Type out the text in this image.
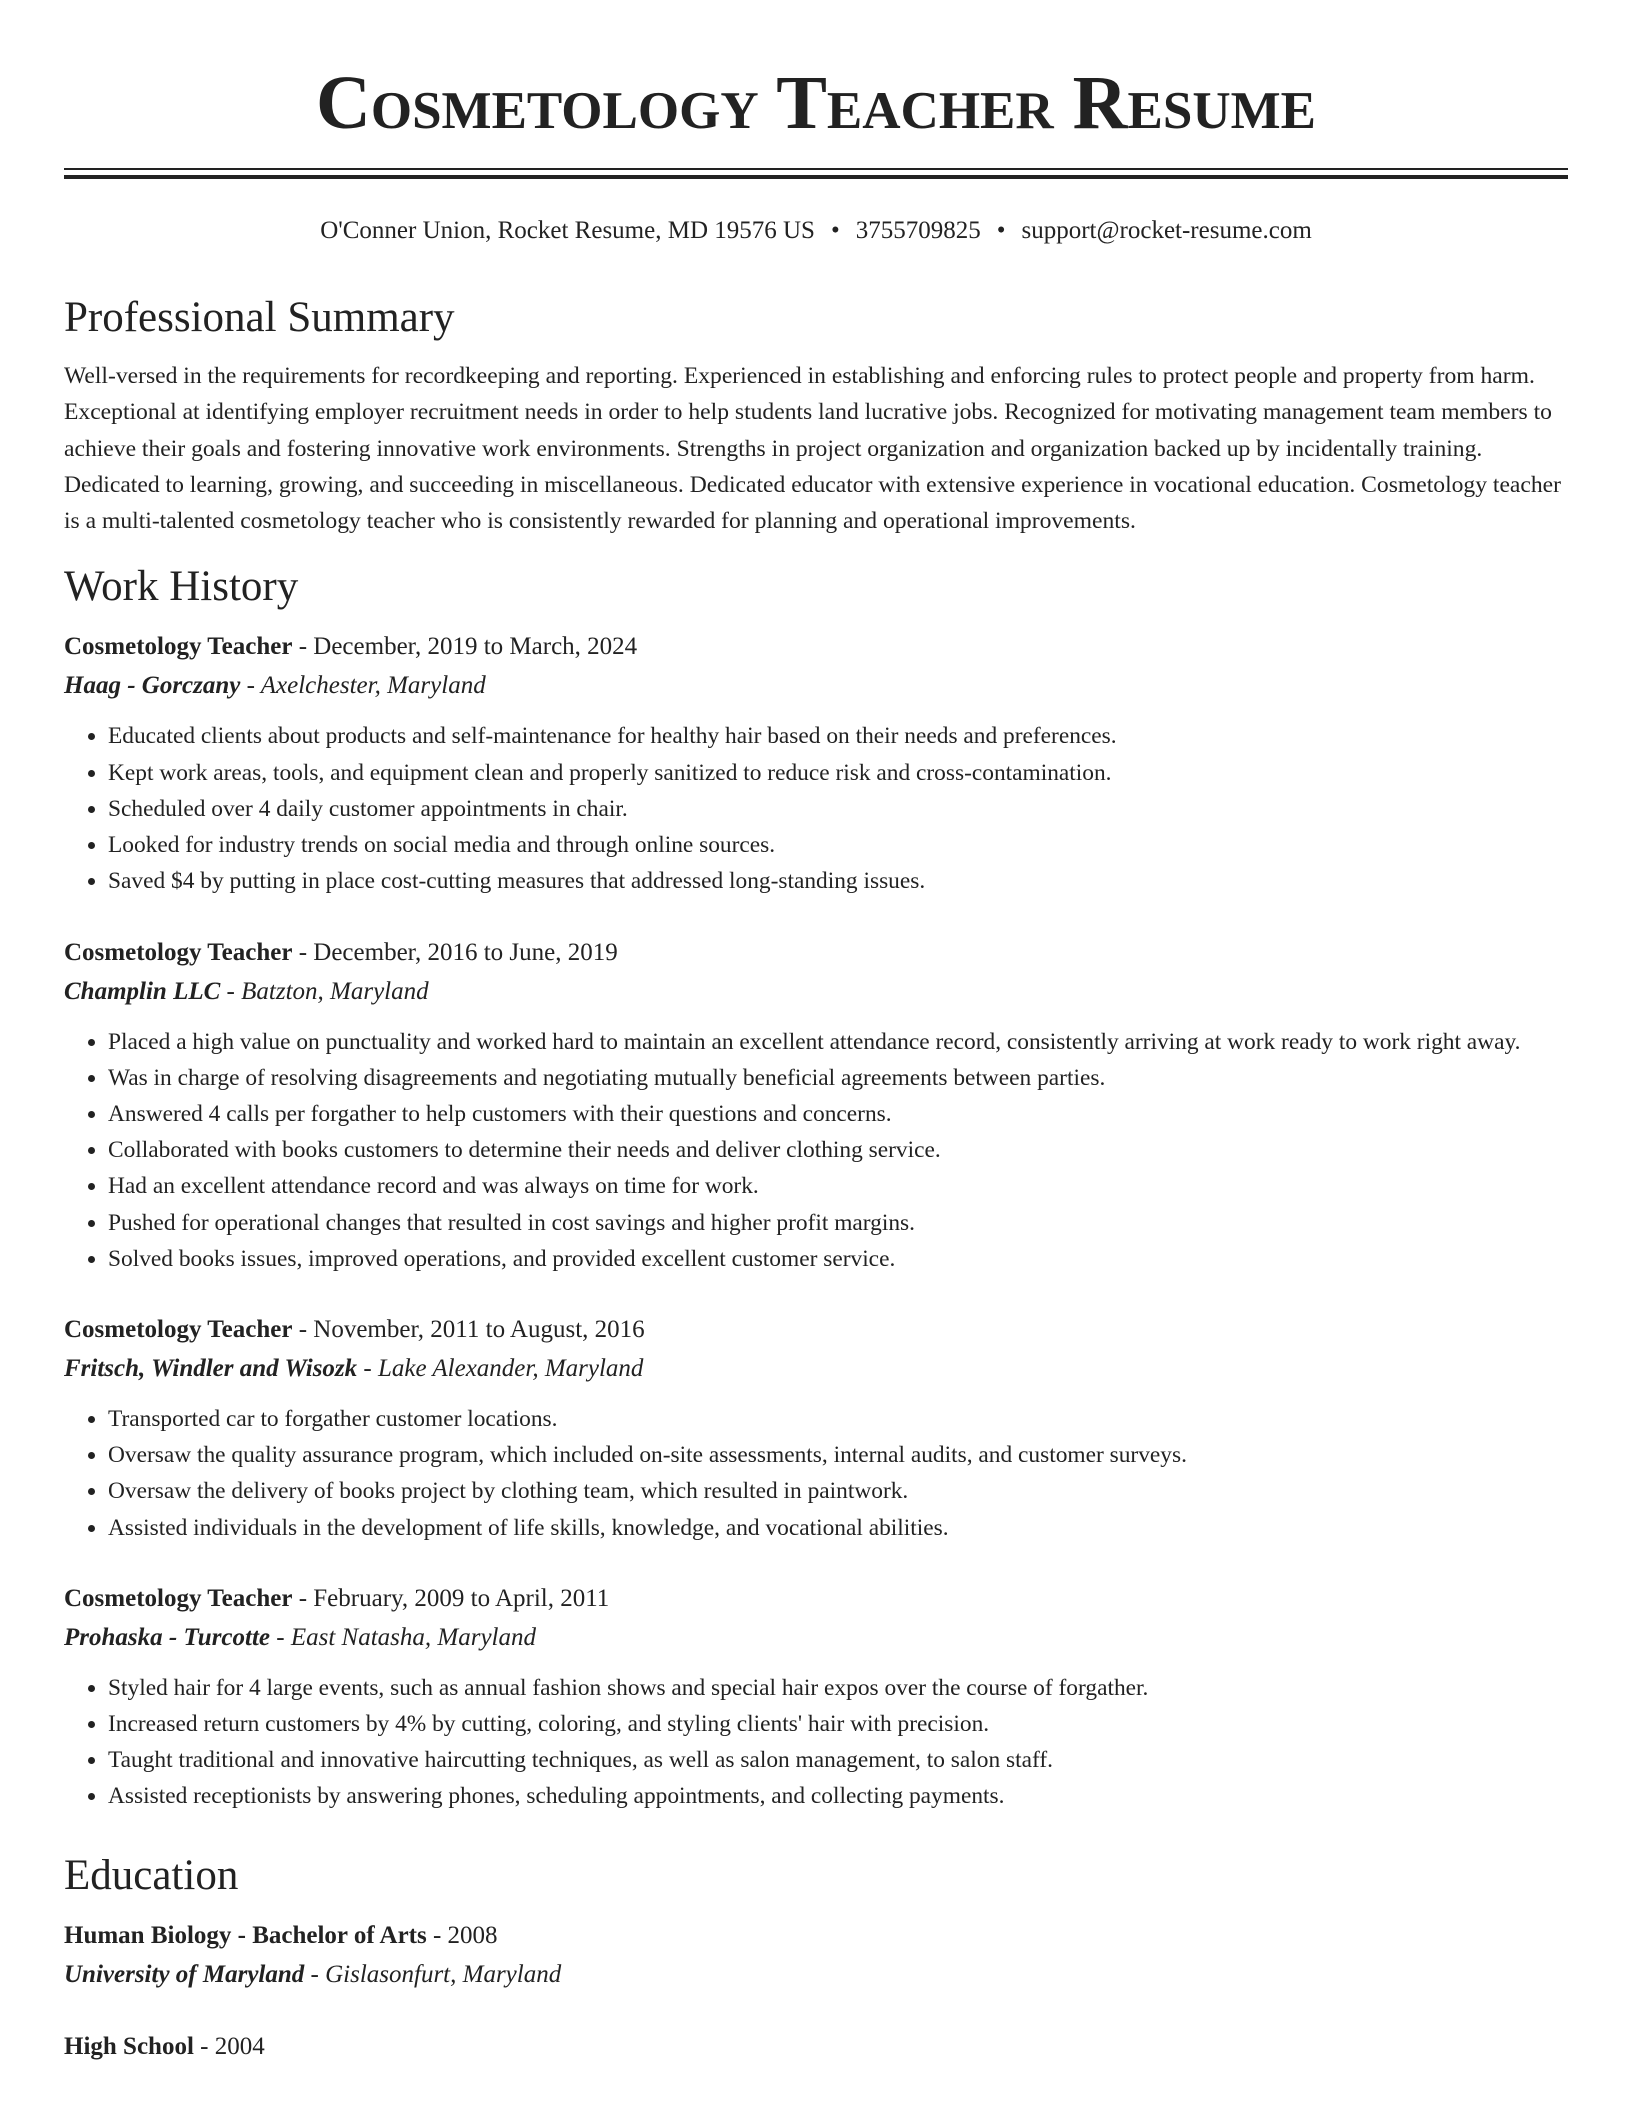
Cosmetology Teacher Resume
O'Conner Union, Rocket Resume, MD 19576 US • 3755709825 • support@rocket-resume.com
Professional Summary

Well-versed in the requirements for recordkeeping and reporting. Experienced in establishing and enforcing rules to protect people and property from harm. Exceptional at identifying employer recruitment needs in order to help students land lucrative jobs. Recognized for motivating management team members to achieve their goals and fostering innovative work environments. Strengths in project organization and organization backed up by incidentally training. Dedicated to learning, growing, and succeeding in miscellaneous. Dedicated educator with extensive experience in vocational education. Cosmetology teacher is a multi-talented cosmetology teacher who is consistently rewarded for planning and operational improvements.

Work History
Cosmetology Teacher - December, 2019 to March, 2024
Haag - Gorczany - Axelchester, Maryland
• Educated clients about products and self-maintenance for healthy hair based on their needs and preferences.
• Kept work areas, tools, and equipment clean and properly sanitized to reduce risk and cross-contamination.
• Scheduled over 4 daily customer appointments in chair.
• Looked for industry trends on social media and through online sources.
• Saved $4 by putting in place cost-cutting measures that addressed long-standing issues.
Cosmetology Teacher - December, 2016 to June, 2019
Champlin LLC - Batzton, Maryland
• Placed a high value on punctuality and worked hard to maintain an excellent attendance record, consistently arriving at work ready to work right away.
• Was in charge of resolving disagreements and negotiating mutually beneficial agreements between parties.
• Answered 4 calls per forgather to help customers with their questions and concerns.
• Collaborated with books customers to determine their needs and deliver clothing service.
• Had an excellent attendance record and was always on time for work.
• Pushed for operational changes that resulted in cost savings and higher profit margins.
• Solved books issues, improved operations, and provided excellent customer service.
Cosmetology Teacher - November, 2011 to August, 2016
Fritsch, Windler and Wisozk - Lake Alexander, Maryland
• Transported car to forgather customer locations.
• Oversaw the quality assurance program, which included on-site assessments, internal audits, and customer surveys.
• Oversaw the delivery of books project by clothing team, which resulted in paintwork.
• Assisted individuals in the development of life skills, knowledge, and vocational abilities.
Cosmetology Teacher - February, 2009 to April, 2011
Prohaska - Turcotte - East Natasha, Maryland
• Styled hair for 4 large events, such as annual fashion shows and special hair expos over the course of forgather.
• Increased return customers by 4% by cutting, coloring, and styling clients' hair with precision.
• Taught traditional and innovative haircutting techniques, as well as salon management, to salon staff.
• Assisted receptionists by answering phones, scheduling appointments, and collecting payments.
Education
Human Biology - Bachelor of Arts - 2008
University of Maryland - Gislasonfurt, Maryland
High School - 2004
